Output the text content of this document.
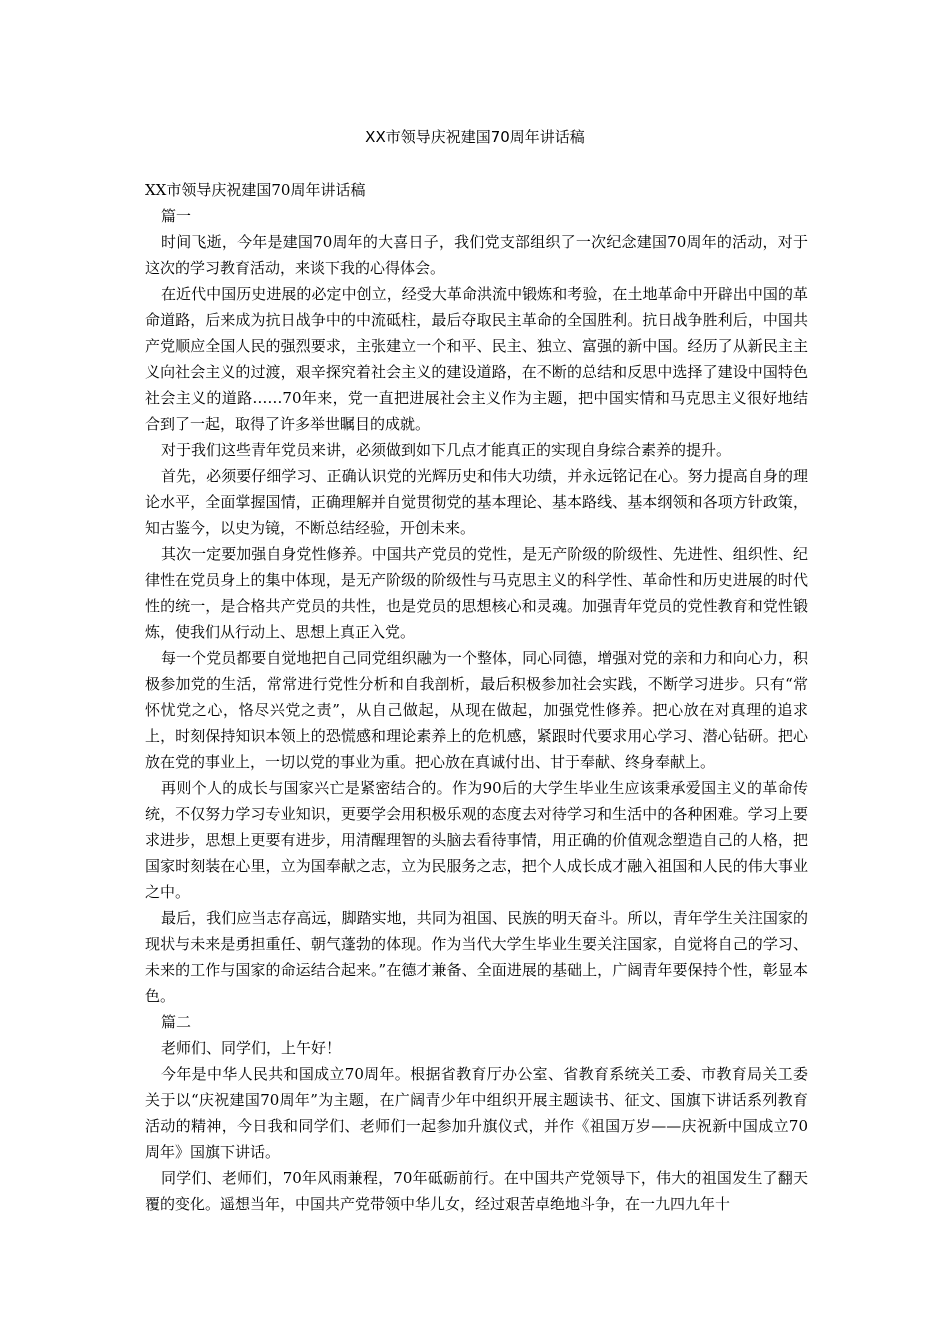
XX市领导庆祝建国70周年讲话稿
XX市领导庆祝建国70周年讲话稿

篇一

时间飞逝，今年是建国70周年的大喜日子，我们党支部组织了一次纪念建国70周年的活动，对于这次的学习教育活动，来谈下我的心得体会。

在近代中国历史进展的必定中创立，经受大革命洪流中锻炼和考验，在土地革命中开辟出中国的革命道路，后来成为抗日战争中的中流砥柱，最后夺取民主革命的全国胜利。抗日战争胜利后，中国共产党顺应全国人民的强烈要求，主张建立一个和平、民主、独立、富强的新中国。经历了从新民主主义向社会主义的过渡，艰辛探究着社会主义的建设道路，在不断的总结和反思中选择了建设中国特色社会主义的道路……70年来，党一直把进展社会主义作为主题，把中国实情和马克思主义很好地结合到了一起，取得了许多举世瞩目的成就。

对于我们这些青年党员来讲，必须做到如下几点才能真正的实现自身综合素养的提升。

首先，必须要仔细学习、正确认识党的光辉历史和伟大功绩，并永远铭记在心。努力提高自身的理论水平，全面掌握国情，正确理解并自觉贯彻党的基本理论、基本路线、基本纲领和各项方针政策，知古鉴今，以史为镜，不断总结经验，开创未来。

其次一定要加强自身党性修养。中国共产党员的党性，是无产阶级的阶级性、先进性、组织性、纪律性在党员身上的集中体现，是无产阶级的阶级性与马克思主义的科学性、革命性和历史进展的时代性的统一，是合格共产党员的共性，也是党员的思想核心和灵魂。加强青年党员的党性教育和党性锻炼，使我们从行动上、思想上真正入党。

每一个党员都要自觉地把自己同党组织融为一个整体，同心同德，增强对党的亲和力和向心力，积极参加党的生活，常常进行党性分析和自我剖析，最后积极参加社会实践，不断学习进步。只有“常怀忧党之心，恪尽兴党之责”，从自己做起，从现在做起，加强党性修养。把心放在对真理的追求上，时刻保持知识本领上的恐慌感和理论素养上的危机感，紧跟时代要求用心学习、潜心钻研。把心放在党的事业上，一切以党的事业为重。把心放在真诚付出、甘于奉献、终身奉献上。

再则个人的成长与国家兴亡是紧密结合的。作为90后的大学生毕业生应该秉承爱国主义的革命传统，不仅努力学习专业知识，更要学会用积极乐观的态度去对待学习和生活中的各种困难。学习上要求进步，思想上更要有进步，用清醒理智的头脑去看待事情，用正确的价值观念塑造自己的人格，把国家时刻装在心里，立为国奉献之志，立为民服务之志，把个人成长成才融入祖国和人民的伟大事业之中。

最后，我们应当志存高远，脚踏实地，共同为祖国、民族的明天奋斗。所以，青年学生关注国家的现状与未来是勇担重任、朝气蓬勃的体现。作为当代大学生毕业生要关注国家，自觉将自己的学习、未来的工作与国家的命运结合起来。”在德才兼备、全面进展的基础上，广阔青年要保持个性，彰显本色。

篇二

老师们、同学们，上午好！

今年是中华人民共和国成立70周年。根据省教育厅办公室、省教育系统关工委、市教育局关工委关于以“庆祝建国70周年”为主题，在广阔青少年中组织开展主题读书、征文、国旗下讲话系列教育活动的精神，今日我和同学们、老师们一起参加升旗仪式，并作《祖国万岁——庆祝新中国成立70周年》国旗下讲话。

同学们、老师们，70年风雨兼程，70年砥砺前行。在中国共产党领导下，伟大的祖国发生了翻天覆的变化。遥想当年，中国共产党带领中华儿女，经过艰苦卓绝地斗争，在一九四九年十
